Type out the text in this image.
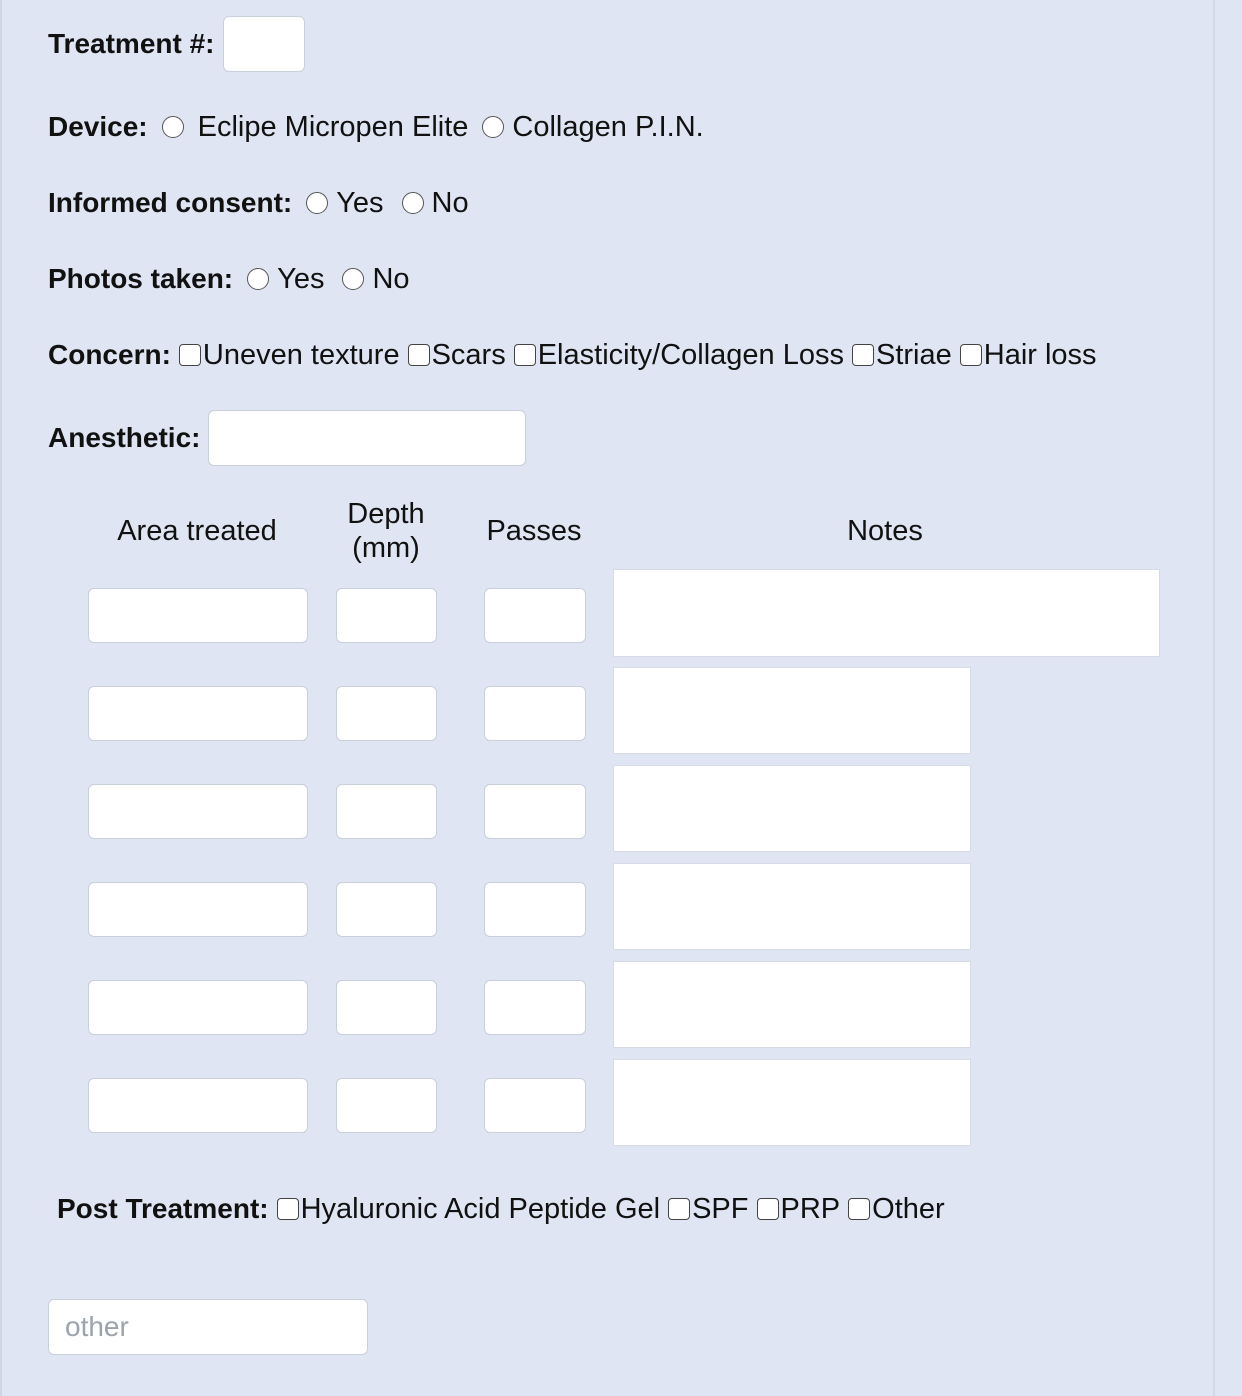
Treatment #:
Device: Eclipe Micropen Elite Collagen P.I.N.
Informed consent: Yes No
Photos taken: Yes No
Concern: Uneven texture Scars Elasticity/Collagen Loss Striae Hair loss
Anesthetic:
Area treated
Depth
(mm)
Passes	Notes
Post Treatment: Hyaluronic Acid Peptide Gel SPF PRP Other
other
